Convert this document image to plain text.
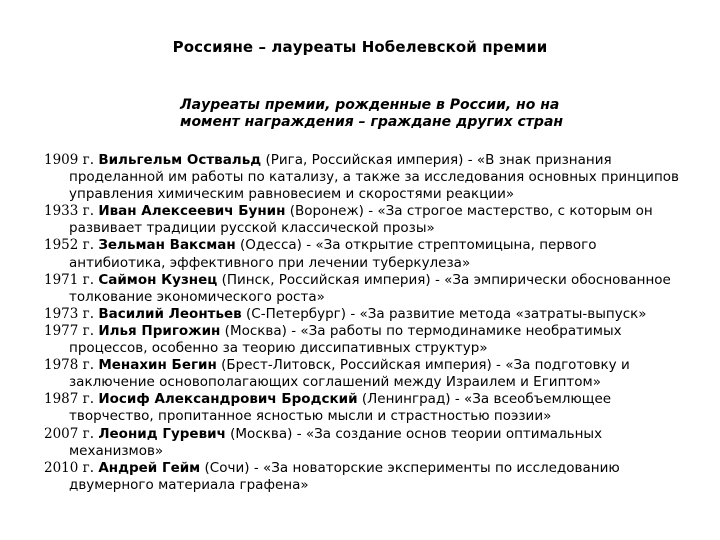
Россияне – лауреаты Нобелевской премии
Лауреаты премии, рожденные в России, но на
момент награждения – граждане других стран
1909 г. Вильгельм Оствальд (Рига, Российская империя) - «В знак признания проделанной им работы по катализу, а также за исследования основных принципов управления химическим равновесием и скоростями реакции»
1933 г. Иван Алексеевич Бунин (Воронеж) - «За строгое мастерство, с которым он развивает традиции русской классической прозы»
1952 г. Зельман Ваксман (Одесса) - «За открытие стрептомицына, первого антибиотика, эффективного при лечении туберкулеза»
1971 г. Саймон Кузнец (Пинск, Российская империя) - «За эмпирически обоснованное толкование экономического роста»
1973 г. Василий Леонтьев (С-Петербург) - «За развитие метода «затраты-выпуск»
1977 г. Илья Пригожин (Москва) - «За работы по термодинамике необратимых процессов, особенно за теорию диссипативных структур»
1978 г. Менахин Бегин (Брест-Литовск, Российская империя) - «За подготовку и заключение основополагающих соглашений между Израилем и Египтом»
1987 г. Иосиф Александрович Бродский (Ленинград) - «За всеобъемлющее творчество, пропитанное ясностью мысли и страстностью поэзии»
2007 г. Леонид Гуревич (Москва) - «За создание основ теории оптимальных механизмов»
2010 г. Андрей Гейм (Сочи) - «За новаторские эксперименты по исследованию двумерного материала графена»
